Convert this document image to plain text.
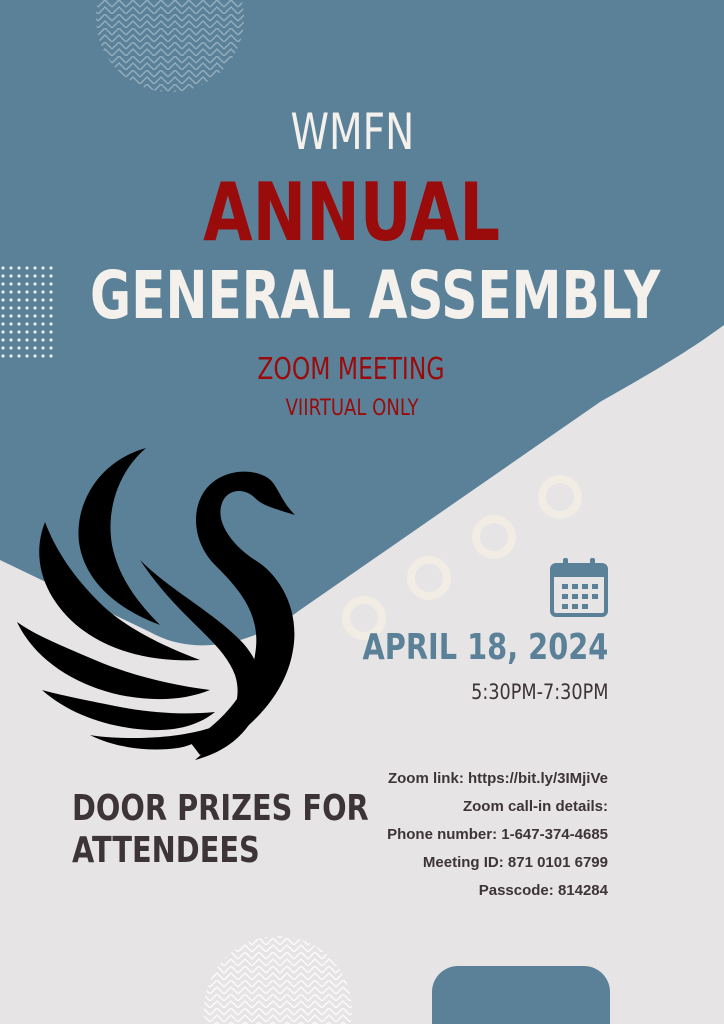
WMFN
ANNUAL
GENERAL ASSEMBLY
ZOOM MEETING
VIIRTUAL ONLY
APRIL 18, 2024
5:30PM-7:30PM
DOOR PRIZES FOR
ATTENDEES
Zoom link: https://bit.ly/3IMjiVe
Zoom call-in details:
Phone number: 1-647-374-4685
Meeting ID: 871 0101 6799
Passcode: 814284
